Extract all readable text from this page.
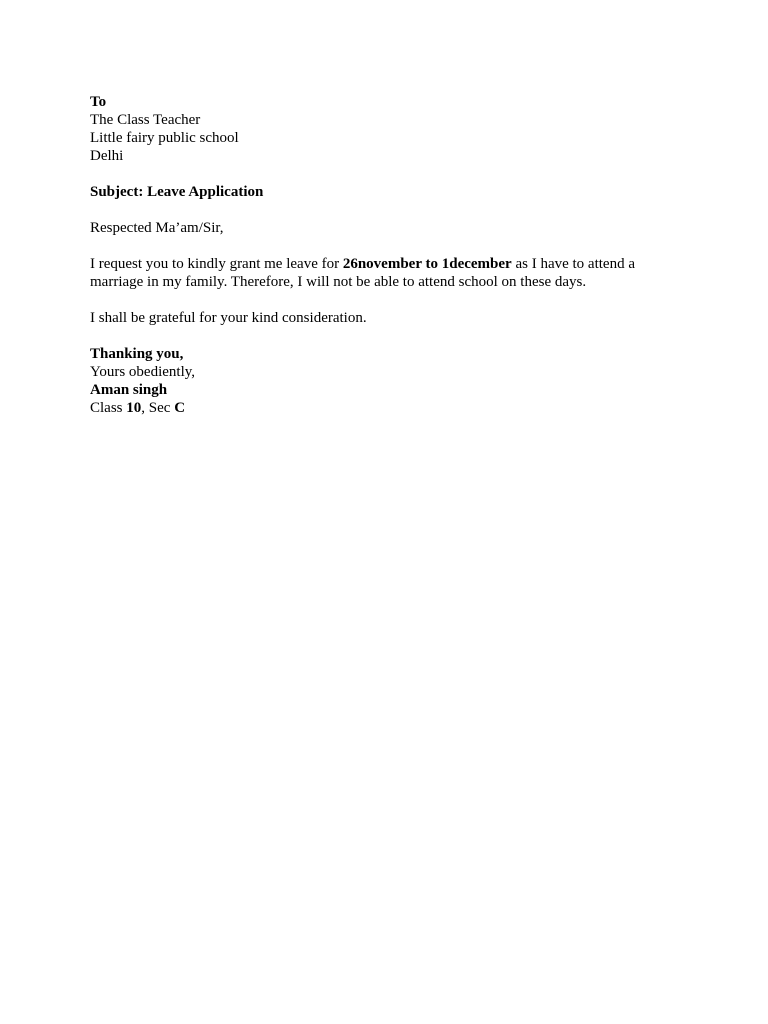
To
The Class Teacher
Little fairy public school
Delhi
Subject: Leave Application
Respected Ma’am/Sir,
I request you to kindly grant me leave for 26november to 1december as I have to attend a marriage in my family. Therefore, I will not be able to attend school on these days.
I shall be grateful for your kind consideration.
Thanking you,
Yours obediently,
Aman singh
Class 10, Sec C
